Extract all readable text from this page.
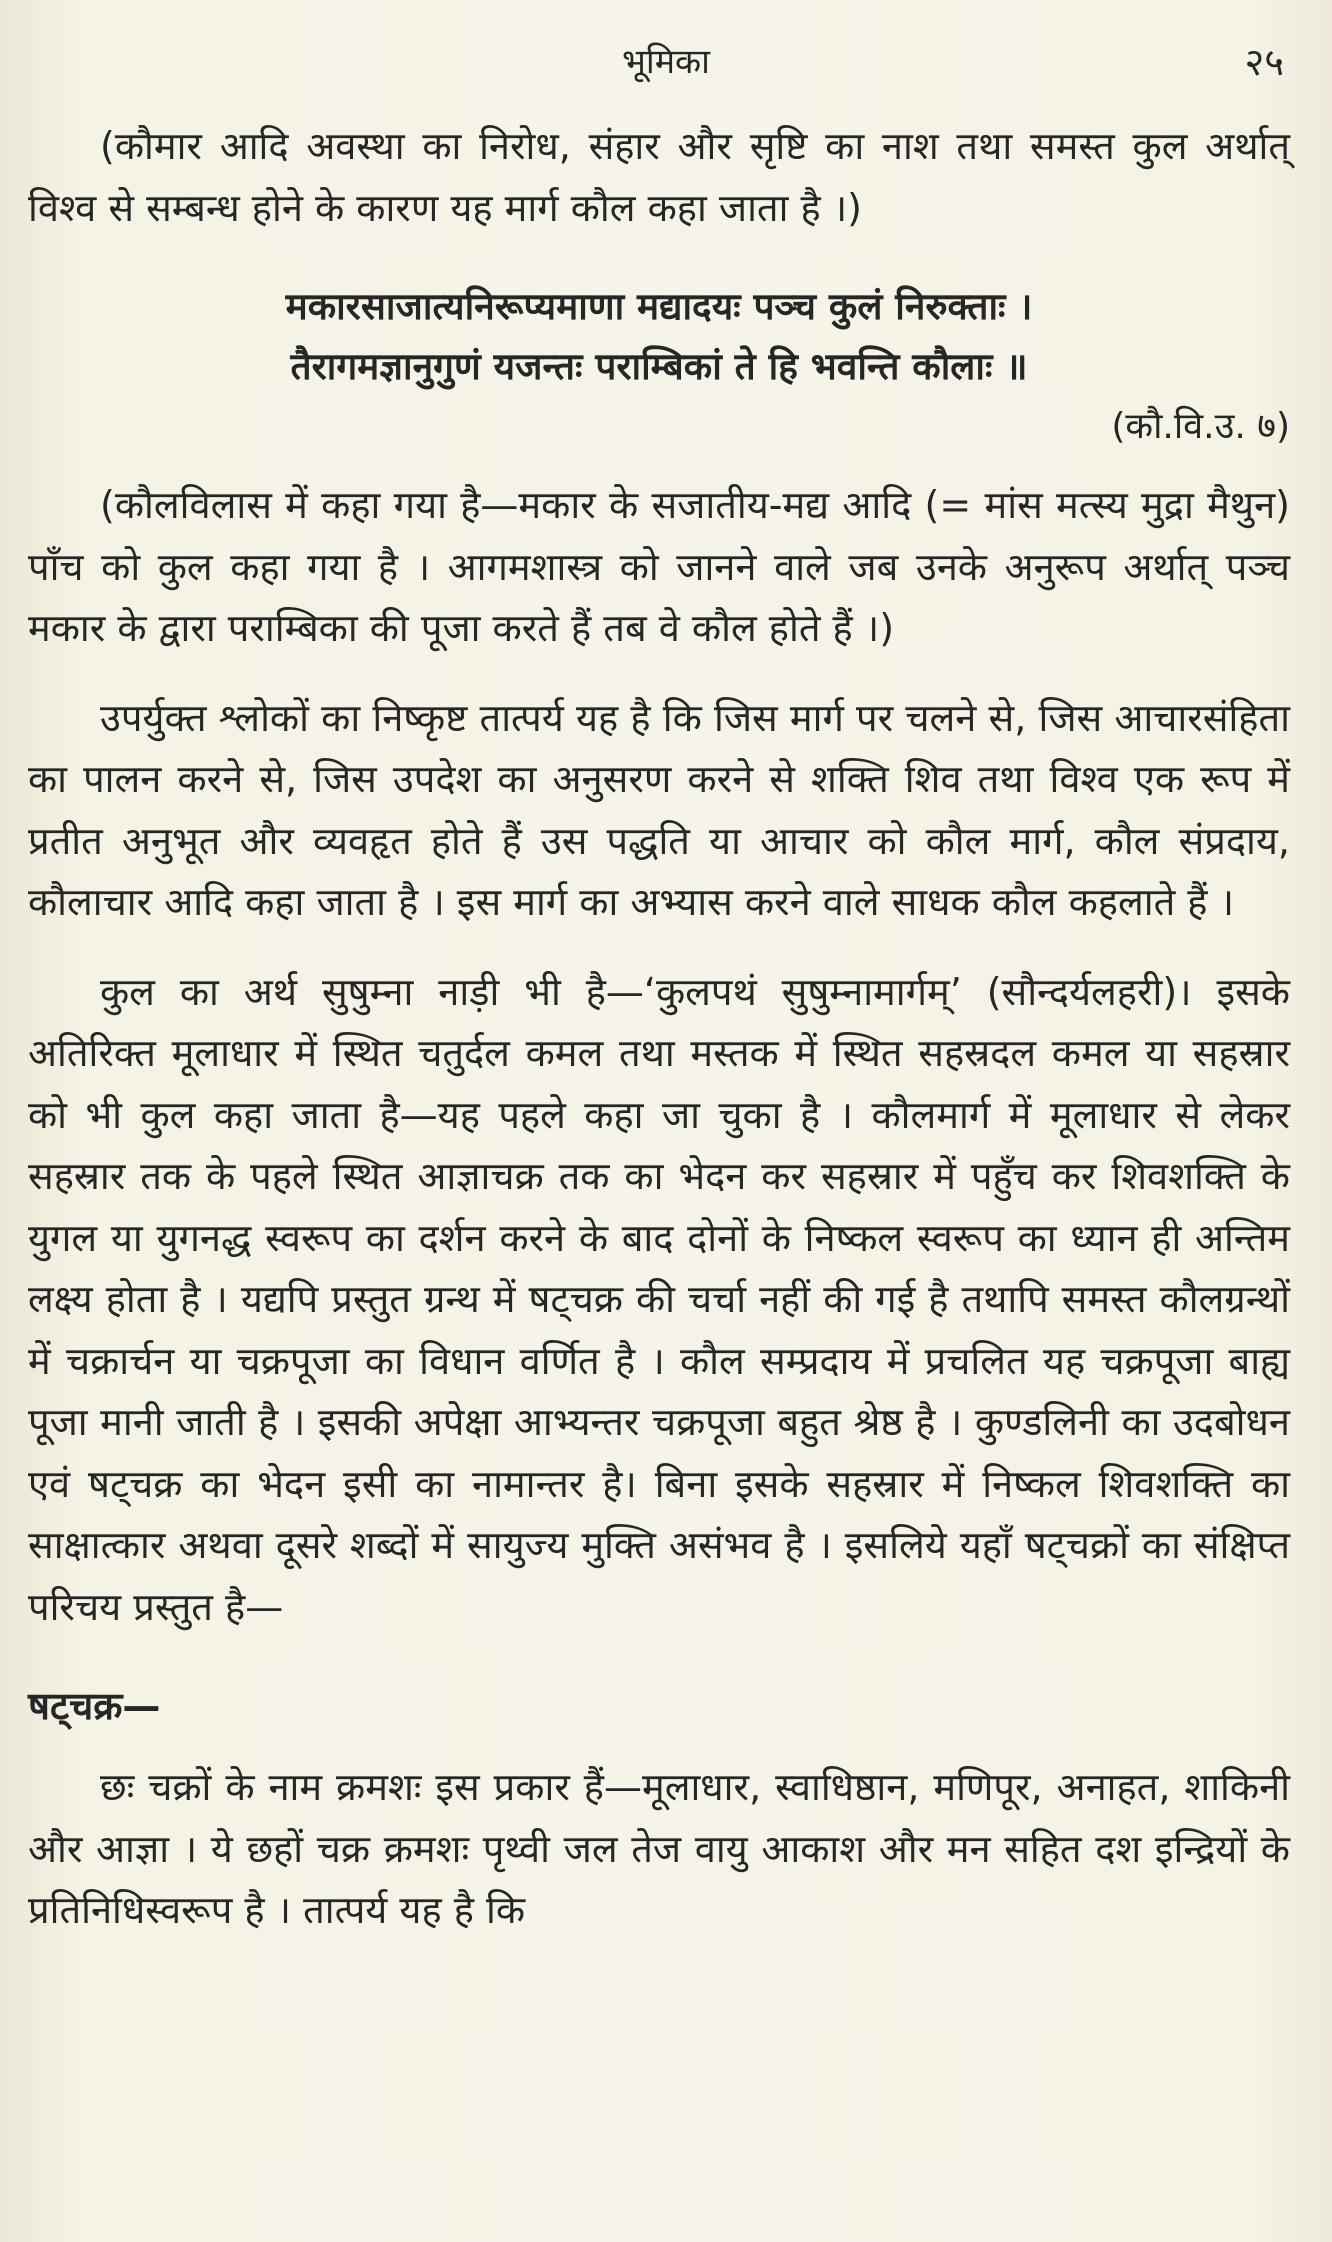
भूमिका	२५

(कौमार आदि अवस्था का निरोध, संहार और सृष्टि का नाश तथा समस्त कुल अर्थात् विश्व से सम्बन्ध होने के कारण यह मार्ग कौल कहा जाता है ।)

मकारसाजात्यनिरूप्यमाणा मद्यादयः पञ्च कुलं निरुक्ताः ।
तैरागमज्ञानुगुणं यजन्तः पराम्बिकां ते हि भवन्ति कौलाः ॥
(कौ.वि.उ. ७)

(कौलविलास में कहा गया है—मकार के सजातीय-मद्य आदि (= मांस मत्स्य मुद्रा मैथुन) पाँच को कुल कहा गया है । आगमशास्त्र को जानने वाले जब उनके अनुरूप अर्थात् पञ्च मकार के द्वारा पराम्बिका की पूजा करते हैं तब वे कौल होते हैं ।)

उपर्युक्त श्लोकों का निष्कृष्ट तात्पर्य यह है कि जिस मार्ग पर चलने से, जिस आचारसंहिता का पालन करने से, जिस उपदेश का अनुसरण करने से शक्ति शिव तथा विश्व एक रूप में प्रतीत अनुभूत और व्यवहृत होते हैं उस पद्धति या आचार को कौल मार्ग, कौल संप्रदाय, कौलाचार आदि कहा जाता है । इस मार्ग का अभ्यास करने वाले साधक कौल कहलाते हैं ।

कुल का अर्थ सुषुम्ना नाड़ी भी है—‘कुलपथं सुषुम्नामार्गम्’ (सौन्दर्यलहरी)। इसके अतिरिक्त मूलाधार में स्थित चतुर्दल कमल तथा मस्तक में स्थित सहस्रदल कमल या सहस्रार को भी कुल कहा जाता है—यह पहले कहा जा चुका है । कौलमार्ग में मूलाधार से लेकर सहस्रार तक के पहले स्थित आज्ञाचक्र तक का भेदन कर सहस्रार में पहुँच कर शिवशक्ति के युगल या युगनद्ध स्वरूप का दर्शन करने के बाद दोनों के निष्कल स्वरूप का ध्यान ही अन्तिम लक्ष्य होता है । यद्यपि प्रस्तुत ग्रन्थ में षट्चक्र की चर्चा नहीं की गई है तथापि समस्त कौलग्रन्थों में चक्रार्चन या चक्रपूजा का विधान वर्णित है । कौल सम्प्रदाय में प्रचलित यह चक्रपूजा बाह्य पूजा मानी जाती है । इसकी अपेक्षा आभ्यन्तर चक्रपूजा बहुत श्रेष्ठ है । कुण्डलिनी का उदबोधन एवं षट्चक्र का भेदन इसी का नामान्तर है। बिना इसके सहस्रार में निष्कल शिवशक्ति का साक्षात्कार अथवा दूसरे शब्दों में सायुज्य मुक्ति असंभव है । इसलिये यहाँ षट्चक्रों का संक्षिप्त परिचय प्रस्तुत है—

षट्चक्र—

छः चक्रों के नाम क्रमशः इस प्रकार हैं—मूलाधार, स्वाधिष्ठान, मणिपूर, अनाहत, शाकिनी और आज्ञा । ये छहों चक्र क्रमशः पृथ्वी जल तेज वायु आकाश और मन सहित दश इन्द्रियों के प्रतिनिधिस्वरूप है । तात्पर्य यह है कि
